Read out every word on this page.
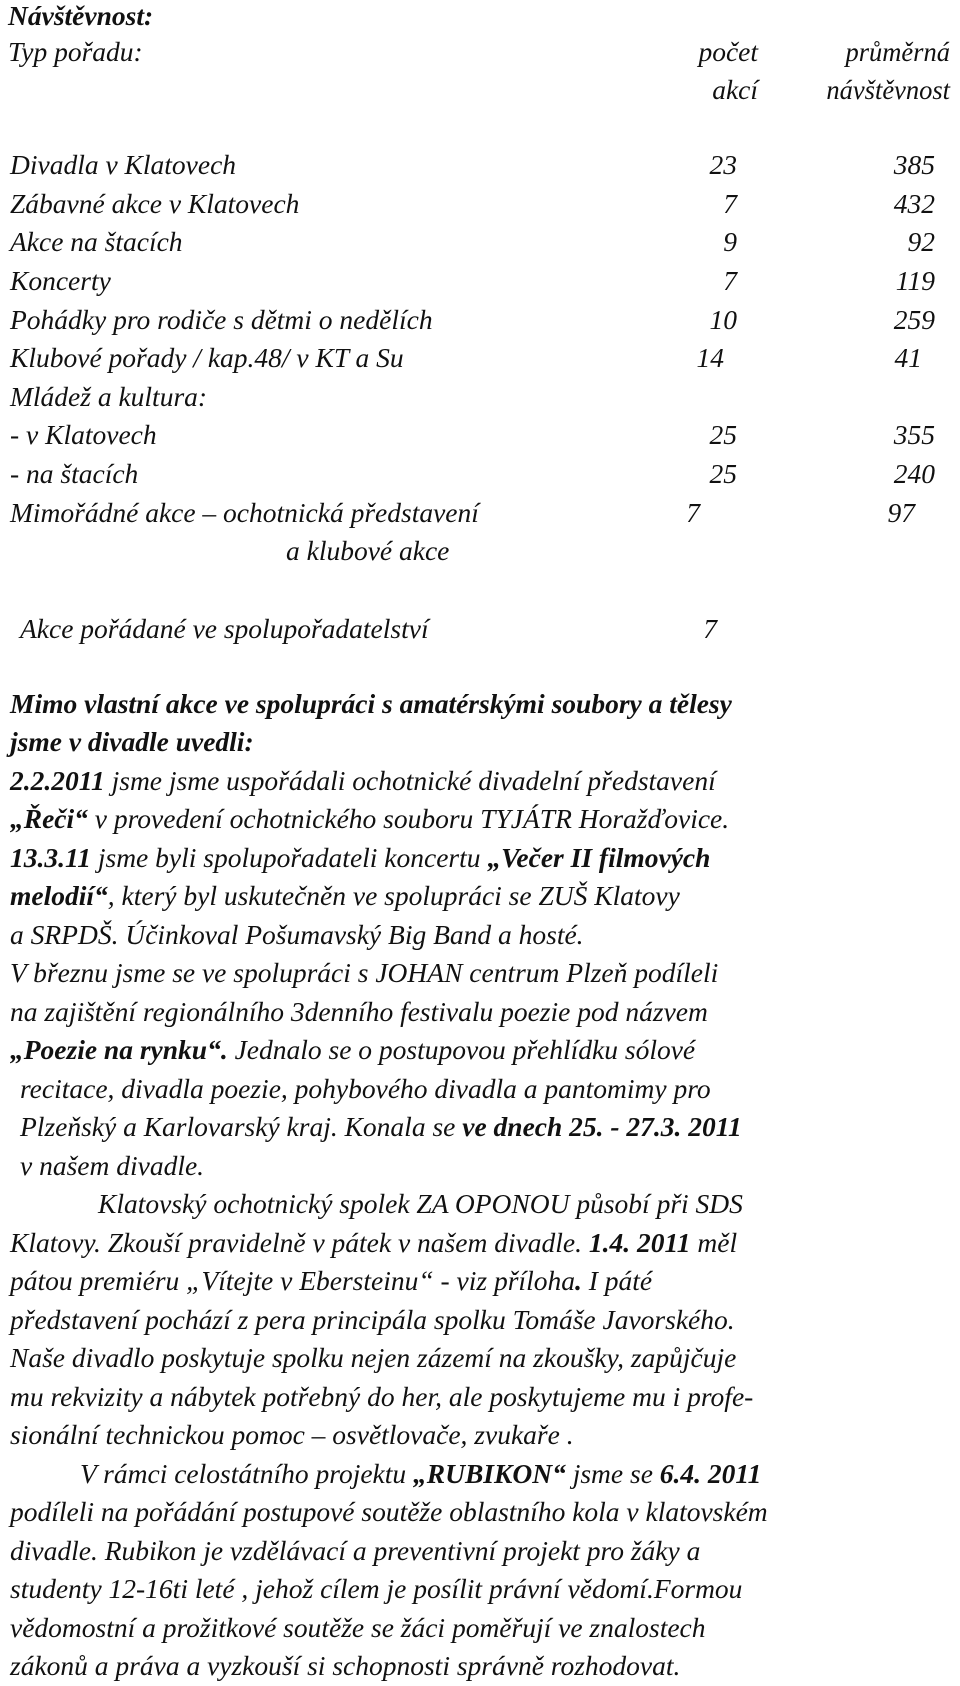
Návštěvnost:
Typ pořadu:	počet	průměrná
akcí	návštěvnost
Divadla v Klatovech	23	385
Zábavné akce v Klatovech	7	432
Akce na štacích	9	92
Koncerty	7	119
Pohádky pro rodiče s dětmi o nedělích	10	259
Klubové pořady / kap.48/ v KT a Su	14	41
Mládež a kultura:
- v Klatovech	25	355
- na štacích	25	240
Mimořádné akce – ochotnická představení	7	97
a klubové akce
Akce pořádané ve spolupořadatelství	7
Mimo vlastní akce ve spolupráci s amatérskými soubory a tělesy
jsme v divadle uvedli:
2.2.2011 jsme jsme uspořádali ochotnické divadelní představení
„Řeči“ v provedení ochotnického souboru TYJÁTR Horažďovice.
13.3.11 jsme byli spolupořadateli koncertu „Večer II filmových
melodií“, který byl uskutečněn ve spolupráci se ZUŠ Klatovy
a SRPDŠ. Účinkoval Pošumavský Big Band a hosté.
V březnu jsme se ve spolupráci s JOHAN centrum Plzeň podíleli
na zajištění regionálního 3denního festivalu poezie pod názvem
„Poezie na rynku“. Jednalo se o postupovou přehlídku sólové
recitace, divadla poezie, pohybového divadla a pantomimy pro
Plzeňský a Karlovarský kraj. Konala se ve dnech 25. - 27.3. 2011
v našem divadle.
Klatovský ochotnický spolek ZA OPONOU působí při SDS
Klatovy. Zkouší pravidelně v pátek v našem divadle. 1.4. 2011 měl
pátou premiéru „Vítejte v Ebersteinu“ - viz příloha. I páté
představení pochází z pera principála spolku Tomáše Javorského.
Naše divadlo poskytuje spolku nejen zázemí na zkoušky, zapůjčuje
mu rekvizity a nábytek potřebný do her, ale poskytujeme mu i profe-
sionální technickou pomoc – osvětlovače, zvukaře .
V rámci celostátního projektu „RUBIKON“ jsme se 6.4. 2011
podíleli na pořádání postupové soutěže oblastního kola v klatovském
divadle. Rubikon je vzdělávací a preventivní projekt pro žáky a
studenty 12-16ti leté , jehož cílem je posílit právní vědomí.Formou
vědomostní a prožitkové soutěže se žáci poměřují ve znalostech
zákonů a práva a vyzkouší si schopnosti správně rozhodovat.
